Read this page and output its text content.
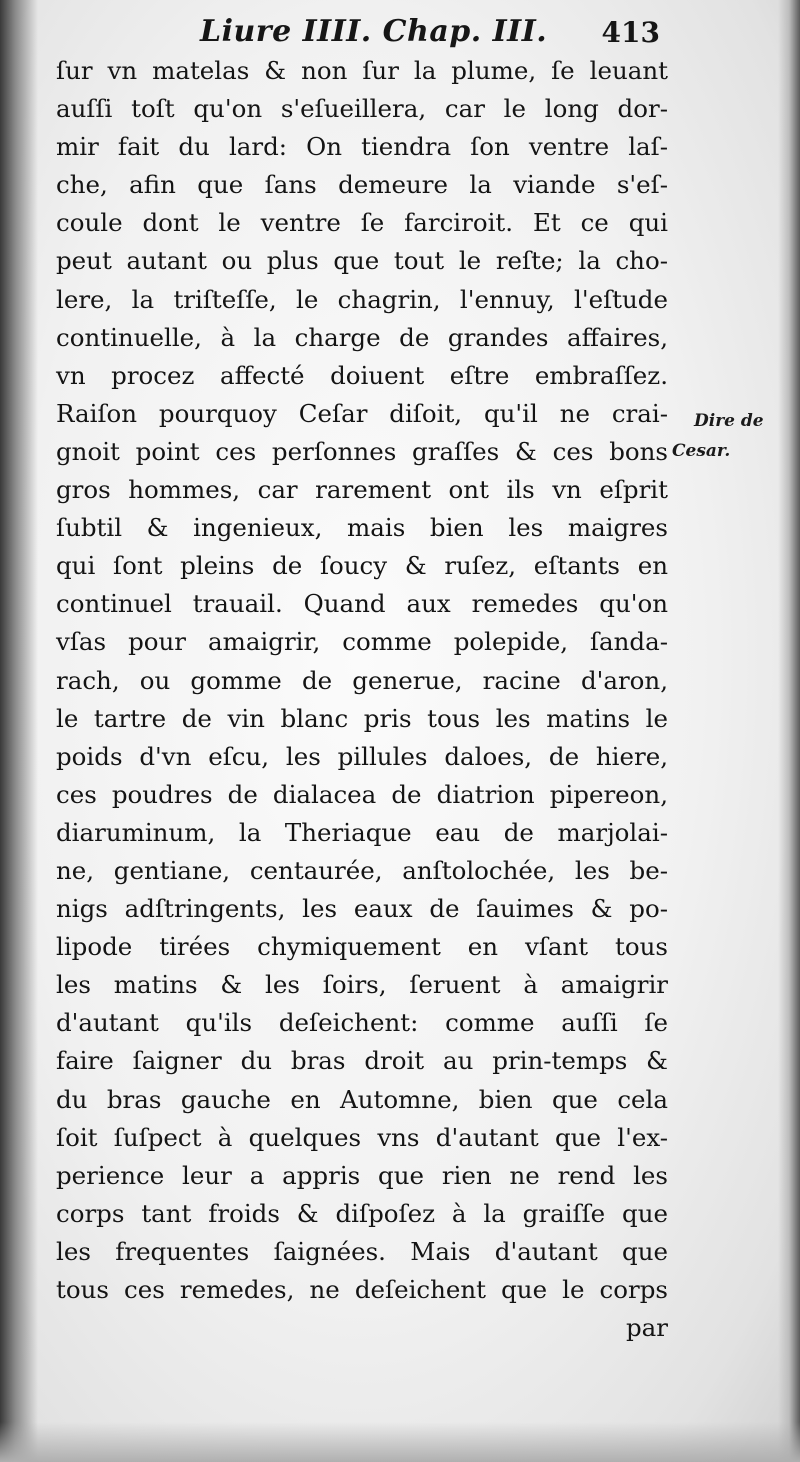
Liure IIII. Chap. III. 413
ſur vn matelas & non ſur la plume, ſe leuant
auſſi toſt qu'on s'eſueillera, car le long dor-
mir fait du lard: On tiendra ſon ventre laſ-
che, afin que ſans demeure la viande s'eſ-
coule dont le ventre ſe farciroit. Et ce qui
peut autant ou plus que tout le reſte; la cho-
lere, la triſteſſe, le chagrin, l'ennuy, l'eſtude
continuelle, à la charge de grandes affaires,
vn procez affecté doiuent eſtre embraſſez.
Raiſon pourquoy Ceſar diſoit, qu'il ne crai-
gnoit point ces perſonnes graſſes & ces bons
gros hommes, car rarement ont ils vn eſprit
ſubtil & ingenieux, mais bien les maigres
qui ſont pleins de ſoucy & ruſez, eſtants en
continuel trauail. Quand aux remedes qu'on
vſas pour amaigrir, comme polepide, ſanda-
rach, ou gomme de generue, racine d'aron,
le tartre de vin blanc pris tous les matins le
poids d'vn eſcu, les pillules daloes, de hiere,
ces poudres de dialacea de diatrion pipereon,
diaruminum, la Theriaque eau de marjolai-
ne, gentiane, centaurée, anſtolochée, les be-
nigs adſtringents, les eaux de ſauimes & po-
lipode tirées chymiquement en vſant tous
les matins & les ſoirs, ſeruent à amaigrir
d'autant qu'ils deſeichent: comme auſſi ſe
faire ſaigner du bras droit au prin-temps &
du bras gauche en Automne, bien que cela
ſoit ſuſpect à quelques vns d'autant que l'ex-
perience leur a appris que rien ne rend les
corps tant froids & diſpoſez à la graiſſe que
les frequentes ſaignées. Mais d'autant que
tous ces remedes, ne deſeichent que le corps
par
Dire de
Cesar.
